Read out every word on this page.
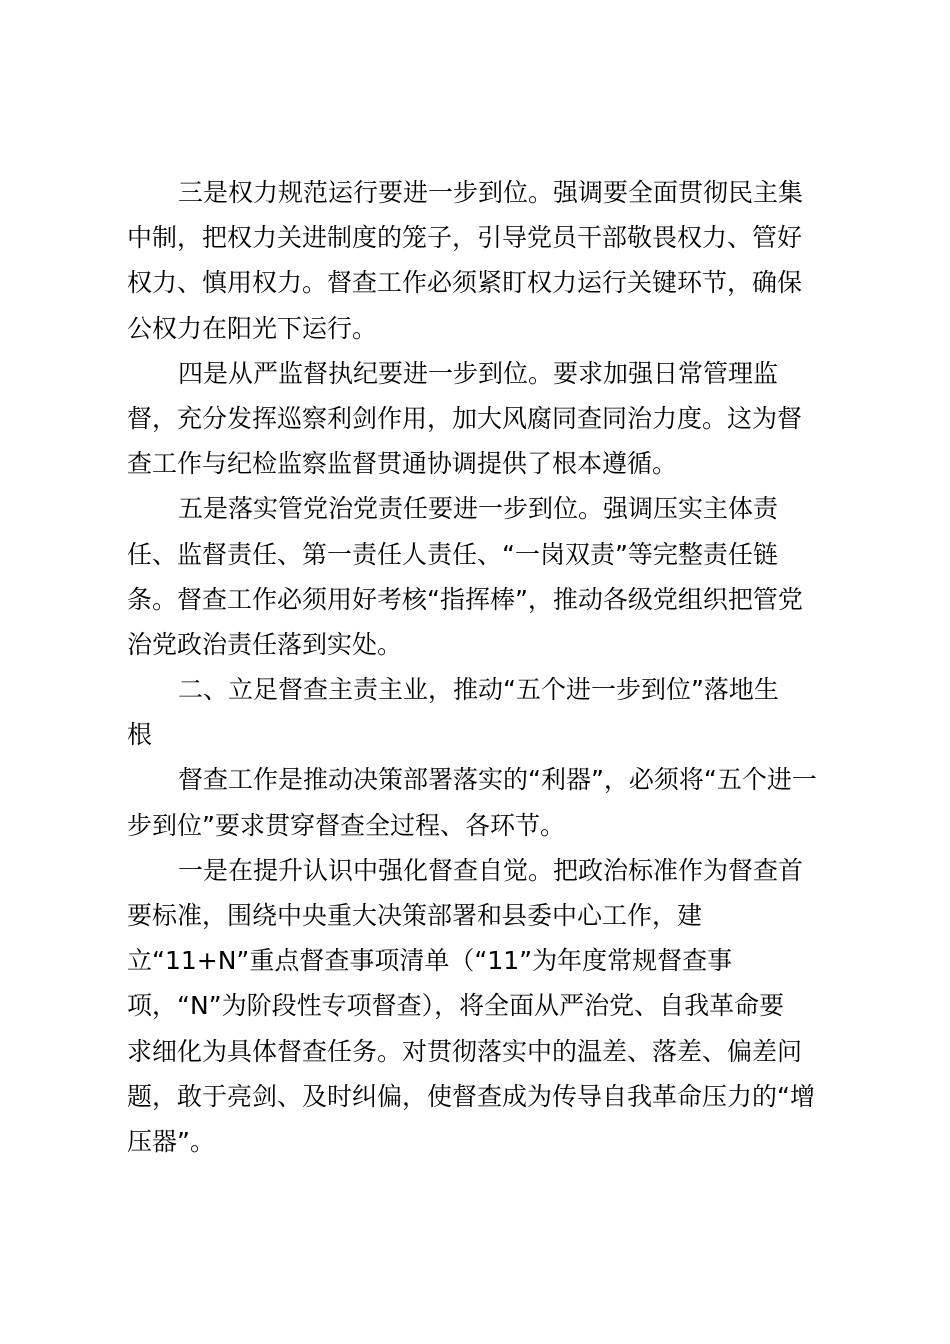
三是权力规范运行要进一步到位。强调要全面贯彻民主集
中制，把权力关进制度的笼子，引导党员干部敬畏权力、管好
权力、慎用权力。督查工作必须紧盯权力运行关键环节，确保
公权力在阳光下运行。
四是从严监督执纪要进一步到位。要求加强日常管理监
督，充分发挥巡察利剑作用，加大风腐同查同治力度。这为督
查工作与纪检监察监督贯通协调提供了根本遵循。
五是落实管党治党责任要进一步到位。强调压实主体责
任、监督责任、第一责任人责任、“一岗双责”等完整责任链
条。督查工作必须用好考核“指挥棒”，推动各级党组织把管党
治党政治责任落到实处。
二、立足督查主责主业，推动“五个进一步到位”落地生
根
督查工作是推动决策部署落实的“利器”，必须将“五个进一
步到位”要求贯穿督查全过程、各环节。
一是在提升认识中强化督查自觉。把政治标准作为督查首
要标准，围绕中央重大决策部署和县委中心工作，建
立“11+N”重点督查事项清单（“11”为年度常规督查事
项，“N”为阶段性专项督查），将全面从严治党、自我革命要
求细化为具体督查任务。对贯彻落实中的温差、落差、偏差问
题，敢于亮剑、及时纠偏，使督查成为传导自我革命压力的“增
压器”。
